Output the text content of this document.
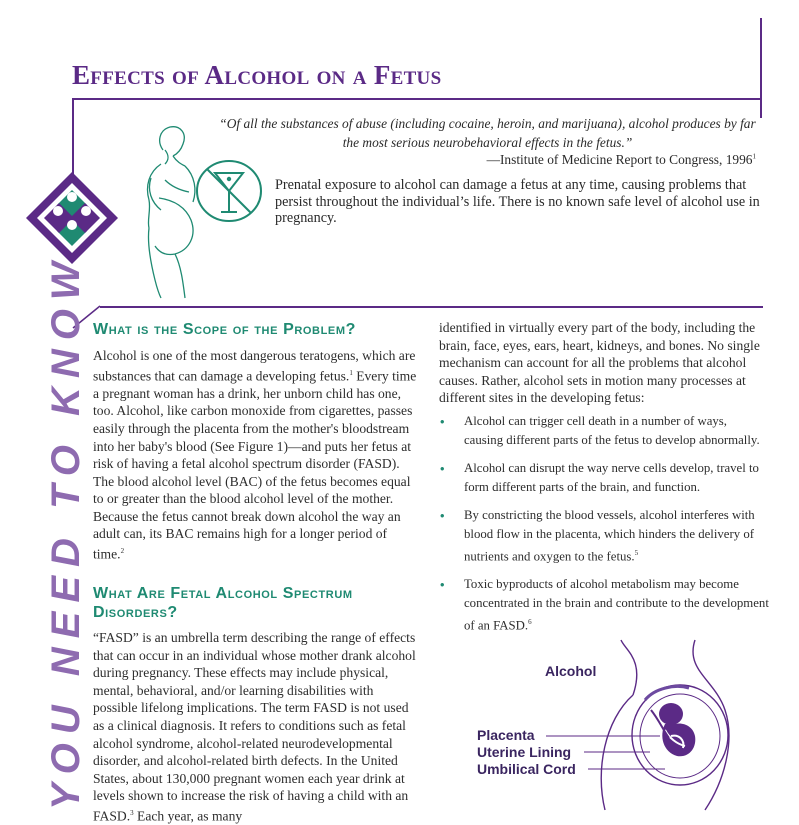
Effects of Alcohol on a Fetus
“Of all the substances of abuse (including cocaine, heroin, and marijuana), alcohol produces by far the most serious neurobehavioral effects in the fetus.”
—Institute of Medicine Report to Congress, 1996$^1$
Prenatal exposure to alcohol can damage a fetus at any time, causing problems that persist throughout the individual’s life. There is no known safe level of alcohol use in pregnancy.
YOU NEED TO KNOW What is the Scope of the Problem?
Alcohol is one of the most dangerous teratogens, which are substances that can damage a developing fetus.$^1$ Every time a pregnant woman has a drink, her unborn child has one, too. Alcohol, like carbon monoxide from cigarettes, passes easily through the placenta from the mother's bloodstream into her baby's blood (See Figure 1)—and puts her fetus at risk of having a fetal alcohol spectrum disorder (FASD). The blood alcohol level (BAC) of the fetus becomes equal to or greater than the blood alcohol level of the mother. Because the fetus cannot break down alcohol the way an adult can, its BAC remains high for a longer period of time.$^2$
What Are Fetal Alcohol Spectrum Disorders?
“FASD” is an umbrella term describing the range of effects that can occur in an individual whose mother drank alcohol during pregnancy. These effects may include physical, mental, behavioral, and/or learning disabilities with possible lifelong implications. The term FASD is not used as a clinical diagnosis. It refers to conditions such as fetal alcohol syndrome, alcohol-related neurodevelopmental disorder, and alcohol-related birth defects. In the United States, about 130,000 pregnant women each year drink at levels shown to increase the risk of having a child with an FASD.$^3$ Each year, as many
identified in virtually every part of the body, including the brain, face, eyes, ears, heart, kidneys, and bones. No single mechanism can account for all the problems that alcohol causes. Rather, alcohol sets in motion many processes at different sites in the developing fetus:
• Alcohol can trigger cell death in a number of ways, causing different parts of the fetus to develop abnormally.
• Alcohol can disrupt the way nerve cells develop, travel to form different parts of the brain, and function.
• By constricting the blood vessels, alcohol interferes with blood flow in the placenta, which hinders the delivery of nutrients and oxygen to the fetus.$^5$
• Toxic byproducts of alcohol metabolism may become concentrated in the brain and contribute to the development of an FASD.$^6$
Alcohol
Placenta
Uterine Lining
Umbilical Cord
